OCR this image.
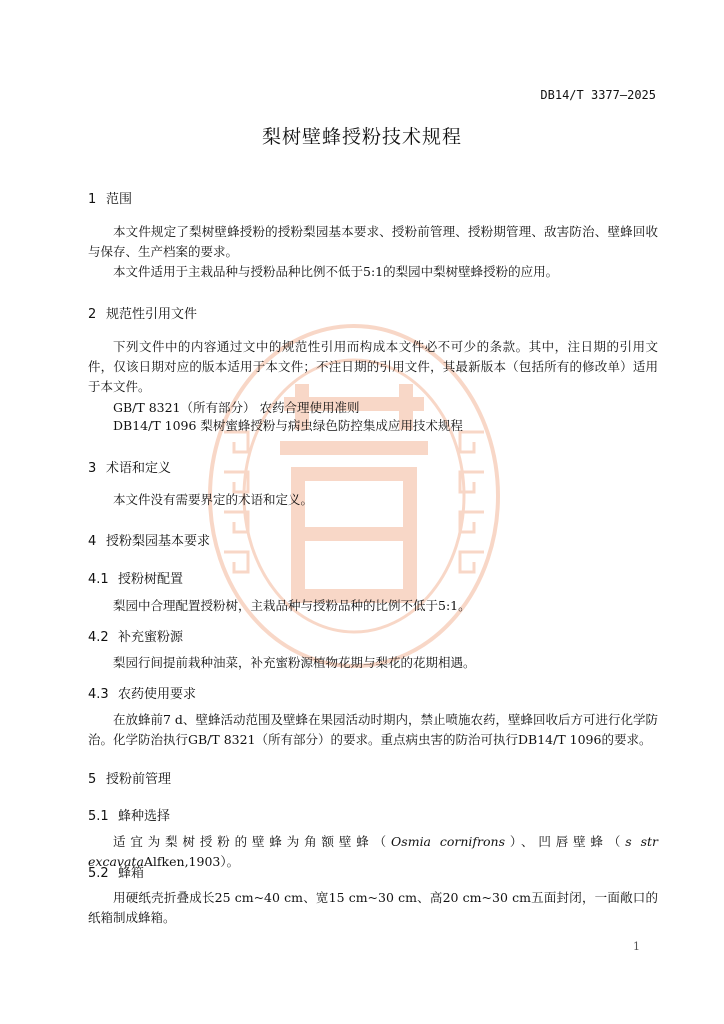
DB14/T 3377—2025
梨树壁蜂授粉技术规程
1 范围
本文件规定了梨树壁蜂授粉的授粉梨园基本要求、授粉前管理、授粉期管理、敌害防治、壁蜂回收与保存、生产档案的要求。
本文件适用于主栽品种与授粉品种比例不低于5:1的梨园中梨树壁蜂授粉的应用。
2 规范性引用文件
下列文件中的内容通过文中的规范性引用而构成本文件必不可少的条款。其中，注日期的引用文件，仅该日期对应的版本适用于本文件；不注日期的引用文件，其最新版本（包括所有的修改单）适用于本文件。
GB/T 8321（所有部分） 农药合理使用准则
DB14/T 1096 梨树蜜蜂授粉与病虫绿色防控集成应用技术规程
3 术语和定义
本文件没有需要界定的术语和定义。
4 授粉梨园基本要求
4.1 授粉树配置
梨园中合理配置授粉树，主栽品种与授粉品种的比例不低于5:1。
4.2 补充蜜粉源
梨园行间提前栽种油菜，补充蜜粉源植物花期与梨花的花期相遇。
4.3 农药使用要求
在放蜂前7 d、壁蜂活动范围及壁蜂在果园活动时期内，禁止喷施农药，壁蜂回收后方可进行化学防治。化学防治执行GB/T 8321（所有部分）的要求。重点病虫害的防治可执行DB14/T 1096的要求。
5 授粉前管理
5.1 蜂种选择
适宜为梨树授粉的壁蜂为角额壁蜂（Osmia cornifrons）、凹唇壁蜂（s str excavataAlfken,1903）。
5.2 蜂箱
用硬纸壳折叠成长25 cm~40 cm、宽15 cm~30 cm、高20 cm~30 cm五面封闭，一面敞口的纸箱制成蜂箱。
1
